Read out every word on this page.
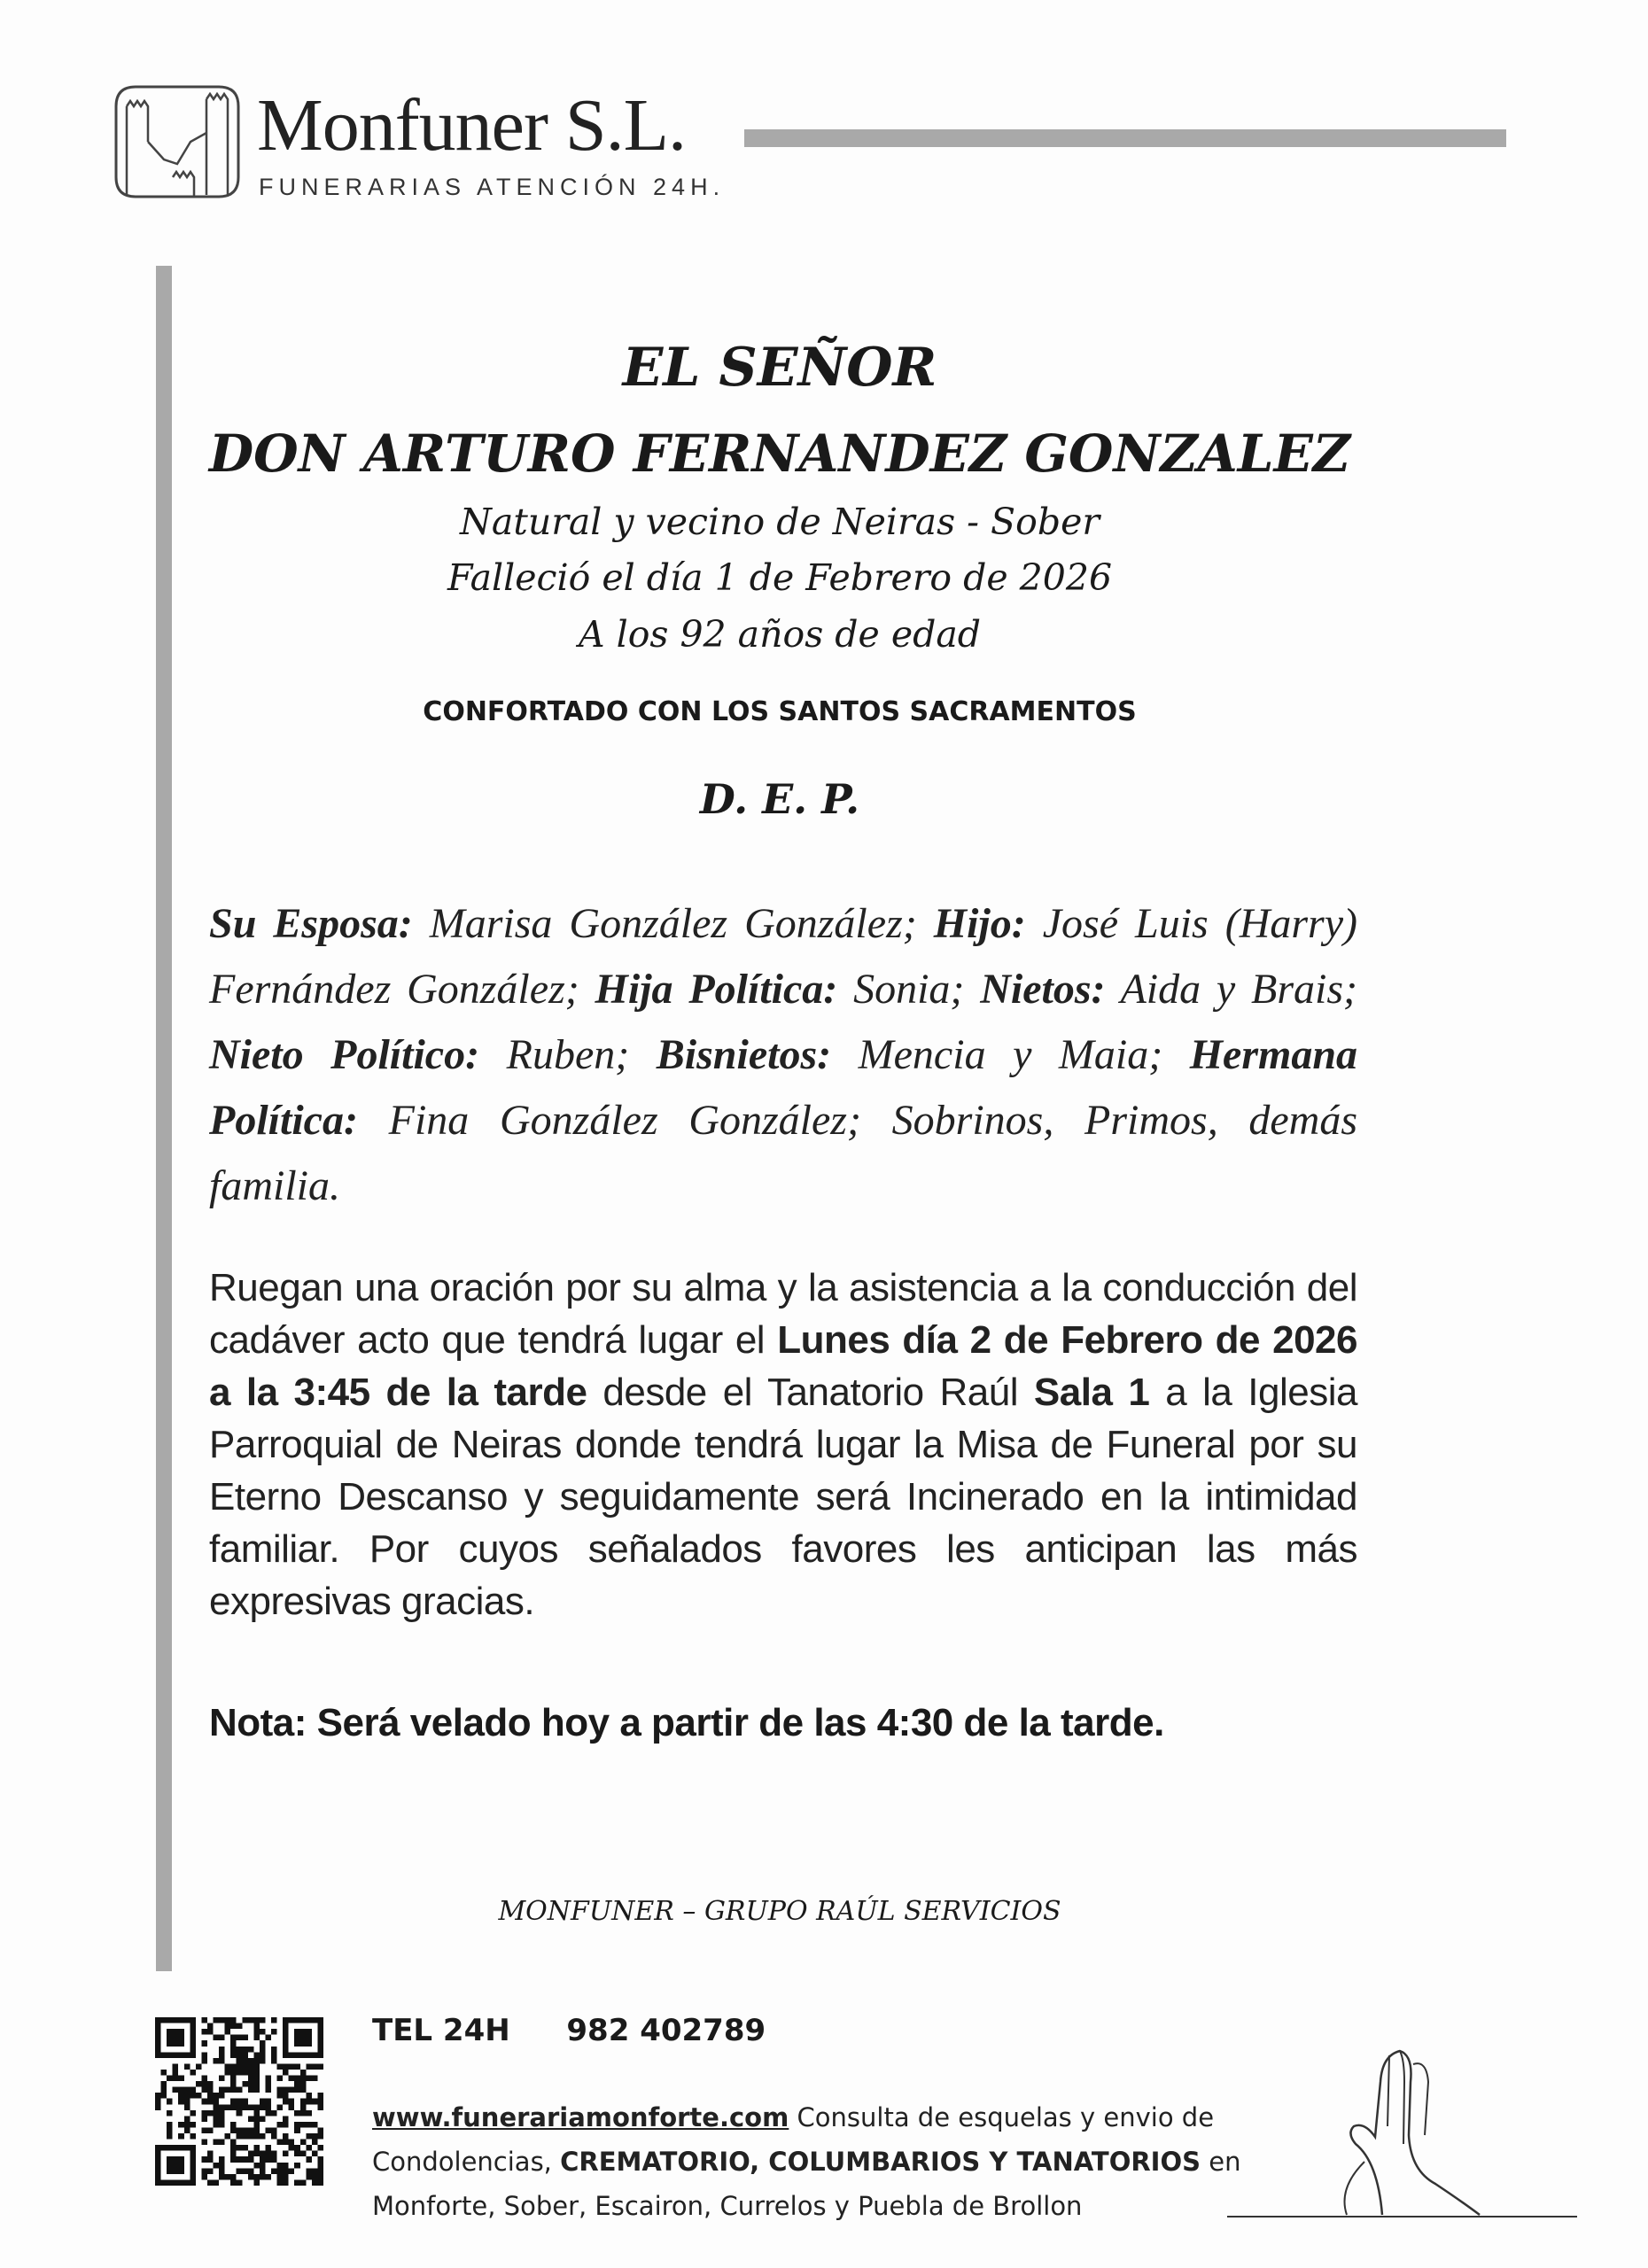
Monfuner S.L.
FUNERARIAS ATENCIÓN 24H.
EL SEÑOR
DON ARTURO FERNANDEZ GONZALEZ
Natural y vecino de Neiras - Sober
Falleció el día 1 de Febrero de 2026
A los 92 años de edad
CONFORTADO CON LOS SANTOS SACRAMENTOS
D. E. P.
Su Esposa: Marisa González González; Hijo: José Luis (Harry) Fernández González; Hija Política: Sonia; Nietos: Aida y Brais; Nieto Político: Ruben; Bisnietos: Mencia y Maia; Hermana Política: Fina González González; Sobrinos, Primos, demás familia.
Ruegan una oración por su alma y la asistencia a la conducción del cadáver acto que tendrá lugar el Lunes día 2 de Febrero de 2026 a la 3:45 de la tarde desde el Tanatorio Raúl Sala 1 a la Iglesia Parroquial de Neiras donde tendrá lugar la Misa de Funeral por su Eterno Descanso y seguidamente será Incinerado en la intimidad familiar. Por cuyos señalados favores les anticipan las más expresivas gracias.
Nota: Será velado hoy a partir de las 4:30 de la tarde.
MONFUNER – GRUPO RAÚL SERVICIOS
TEL 24H 982 402789
www.funerariamonforte.com Consulta de esquelas y envio de Condolencias, CREMATORIO, COLUMBARIOS Y TANATORIOS en Monforte, Sober, Escairon, Currelos y Puebla de Brollon
